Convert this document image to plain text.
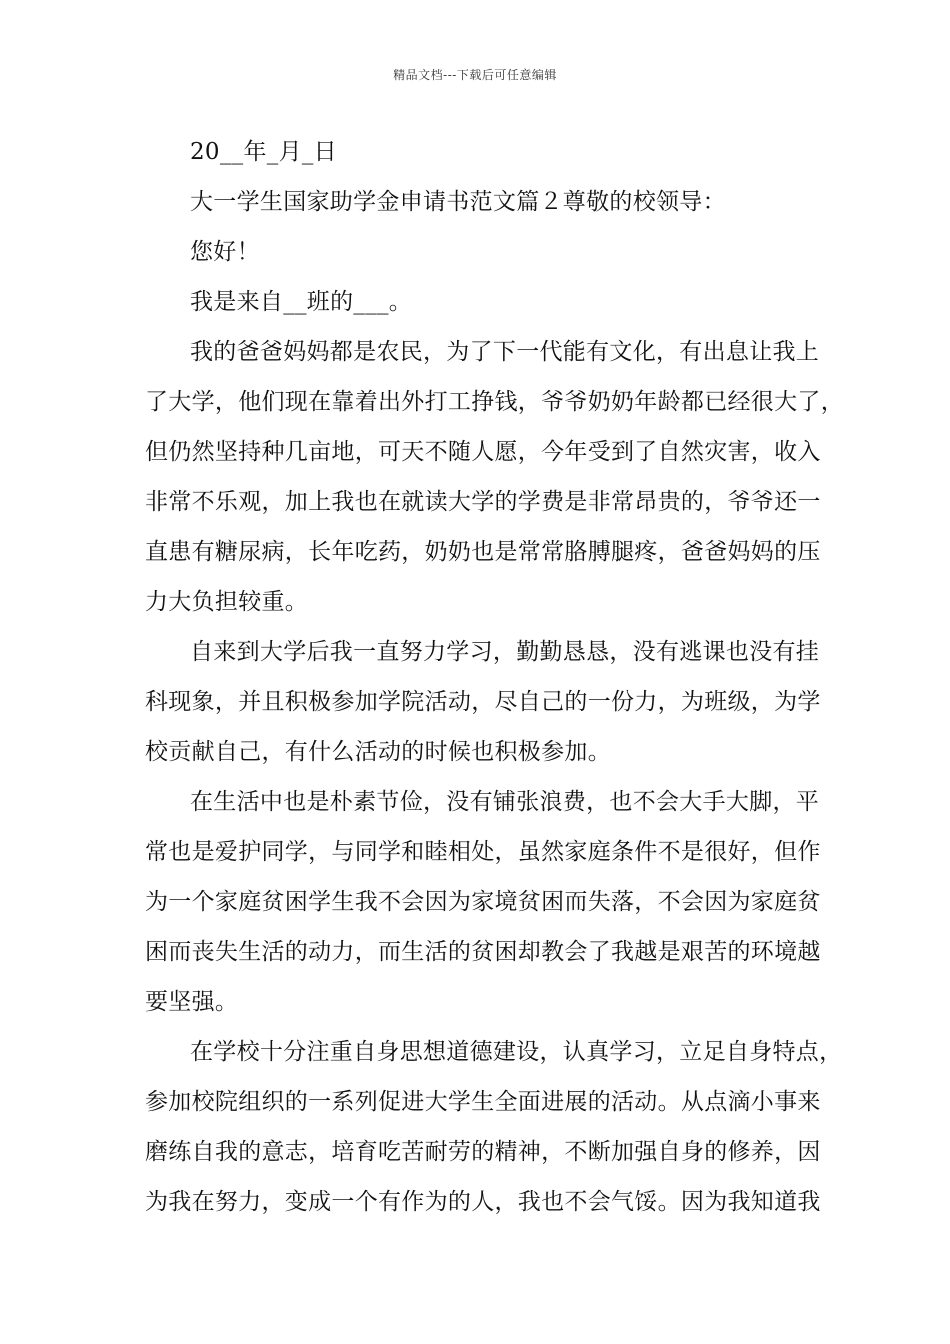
精品文档---下载后可任意编辑
20__年_月_日
大一学生国家助学金申请书范文篇２尊敬的校领导：
您好！
我是来自__班的___。
我的爸爸妈妈都是农民，为了下一代能有文化，有出息让我上
了大学，他们现在靠着出外打工挣钱，爷爷奶奶年龄都已经很大了，
但仍然坚持种几亩地，可天不随人愿，今年受到了自然灾害，收入
非常不乐观，加上我也在就读大学的学费是非常昂贵的，爷爷还一
直患有糖尿病，长年吃药，奶奶也是常常胳膊腿疼，爸爸妈妈的压
力大负担较重。
自来到大学后我一直努力学习，勤勤恳恳，没有逃课也没有挂
科现象，并且积极参加学院活动，尽自己的一份力，为班级，为学
校贡献自己，有什么活动的时候也积极参加。
在生活中也是朴素节俭，没有铺张浪费，也不会大手大脚，平
常也是爱护同学，与同学和睦相处，虽然家庭条件不是很好，但作
为一个家庭贫困学生我不会因为家境贫困而失落，不会因为家庭贫
困而丧失生活的动力，而生活的贫困却教会了我越是艰苦的环境越
要坚强。
在学校十分注重自身思想道德建设，认真学习，立足自身特点，
参加校院组织的一系列促进大学生全面进展的活动。从点滴小事来
磨练自我的意志，培育吃苦耐劳的精神，不断加强自身的修养，因
为我在努力，变成一个有作为的人，我也不会气馁。因为我知道我
